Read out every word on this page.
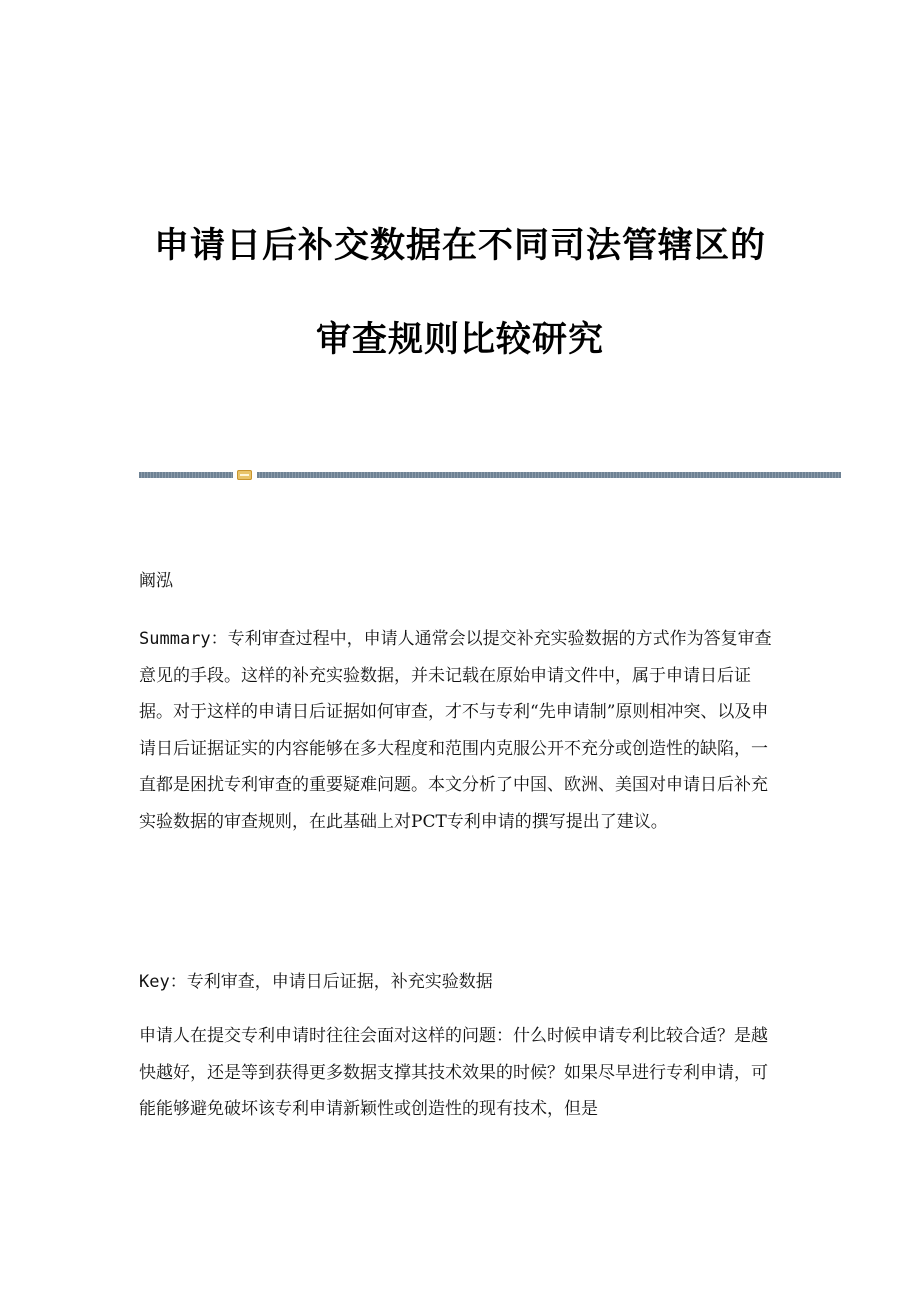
申请日后补交数据在不同司法管辖区的
审查规则比较研究
阚泓
Summary：专利审查过程中，申请人通常会以提交补充实验数据的方式作为答复审查意见的手段。这样的补充实验数据，并未记载在原始申请文件中，属于申请日后证据。对于这样的申请日后证据如何审查，才不与专利“先申请制”原则相冲突、以及申请日后证据证实的内容能够在多大程度和范围内克服公开不充分或创造性的缺陷，一直都是困扰专利审查的重要疑难问题。本文分析了中国、欧洲、美国对申请日后补充实验数据的审查规则，在此基础上对PCT专利申请的撰写提出了建议。
Key：专利审查，申请日后证据，补充实验数据
申请人在提交专利申请时往往会面对这样的问题：什么时候申请专利比较合适？是越快越好，还是等到获得更多数据支撑其技术效果的时候？如果尽早进行专利申请，可能能够避免破坏该专利申请新颖性或创造性的现有技术，但是
